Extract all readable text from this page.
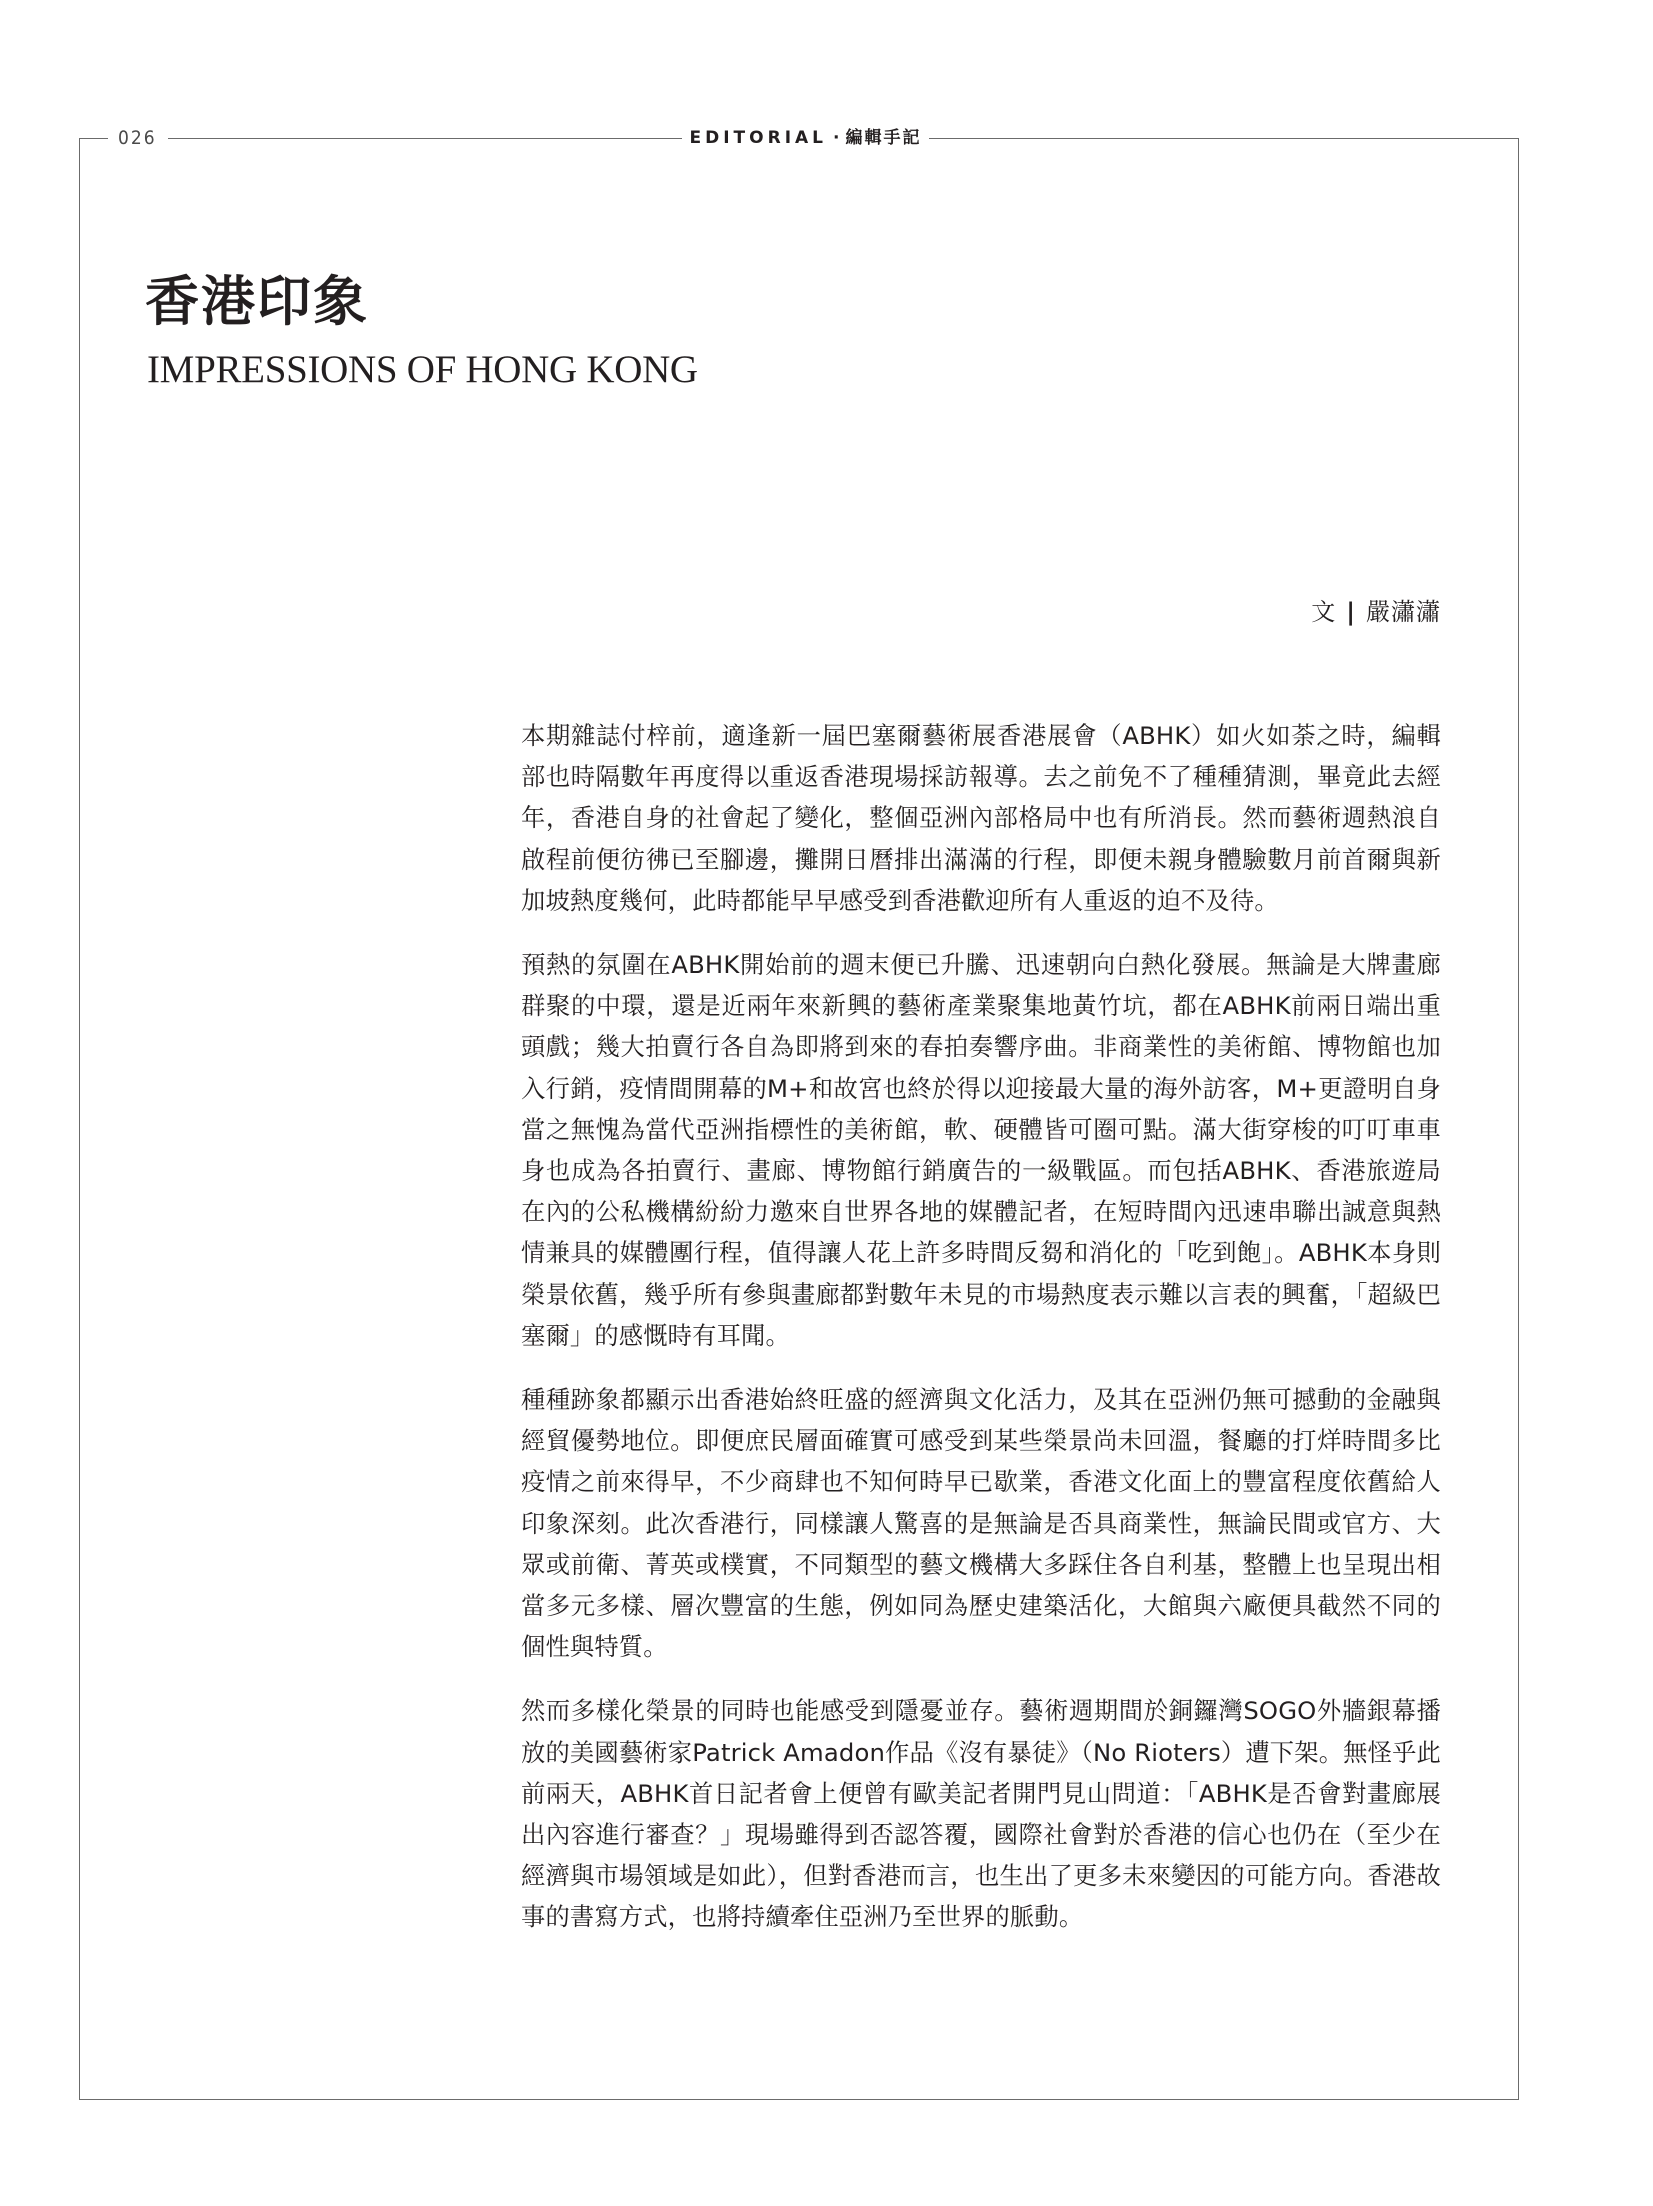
026	EDITORIAL · 編輯手記
香港印象
IMPRESSIONS OF HONG KONG
文 | 嚴瀟瀟

本期雜誌付梓前，適逢新一屆巴塞爾藝術展香港展會（ABHK）如火如荼之時，編輯部也時隔數年再度得以重返香港現場採訪報導。去之前免不了種種猜測，畢竟此去經年，香港自身的社會起了變化，整個亞洲內部格局中也有所消長。然而藝術週熱浪自啟程前便彷彿已至腳邊，攤開日曆排出滿滿的行程，即便未親身體驗數月前首爾與新加坡熱度幾何，此時都能早早感受到香港歡迎所有人重返的迫不及待。

預熱的氛圍在ABHK開始前的週末便已升騰、迅速朝向白熱化發展。無論是大牌畫廊群聚的中環，還是近兩年來新興的藝術產業聚集地黃竹坑，都在ABHK前兩日端出重頭戲；幾大拍賣行各自為即將到來的春拍奏響序曲。非商業性的美術館、博物館也加入行銷，疫情間開幕的M+和故宮也終於得以迎接最大量的海外訪客，M+更證明自身當之無愧為當代亞洲指標性的美術館，軟、硬體皆可圈可點。滿大街穿梭的叮叮車車身也成為各拍賣行、畫廊、博物館行銷廣告的一級戰區。而包括ABHK、香港旅遊局在內的公私機構紛紛力邀來自世界各地的媒體記者，在短時間內迅速串聯出誠意與熱情兼具的媒體團行程，值得讓人花上許多時間反芻和消化的「吃到飽」。ABHK本身則榮景依舊，幾乎所有參與畫廊都對數年未見的市場熱度表示難以言表的興奮，「超級巴塞爾」的感慨時有耳聞。

種種跡象都顯示出香港始終旺盛的經濟與文化活力，及其在亞洲仍無可撼動的金融與經貿優勢地位。即便庶民層面確實可感受到某些榮景尚未回溫，餐廳的打烊時間多比疫情之前來得早，不少商肆也不知何時早已歇業，香港文化面上的豐富程度依舊給人印象深刻。此次香港行，同樣讓人驚喜的是無論是否具商業性，無論民間或官方、大眾或前衛、菁英或樸實，不同類型的藝文機構大多踩住各自利基，整體上也呈現出相當多元多樣、層次豐富的生態，例如同為歷史建築活化，大館與六廠便具截然不同的個性與特質。

然而多樣化榮景的同時也能感受到隱憂並存。藝術週期間於銅鑼灣SOGO外牆銀幕播放的美國藝術家Patrick Amadon作品《沒有暴徒》（No Rioters）遭下架。無怪乎此前兩天，ABHK首日記者會上便曾有歐美記者開門見山問道：「ABHK是否會對畫廊展出內容進行審查？」現場雖得到否認答覆，國際社會對於香港的信心也仍在（至少在經濟與市場領域是如此），但對香港而言，也生出了更多未來變因的可能方向。香港故事的書寫方式，也將持續牽住亞洲乃至世界的脈動。
